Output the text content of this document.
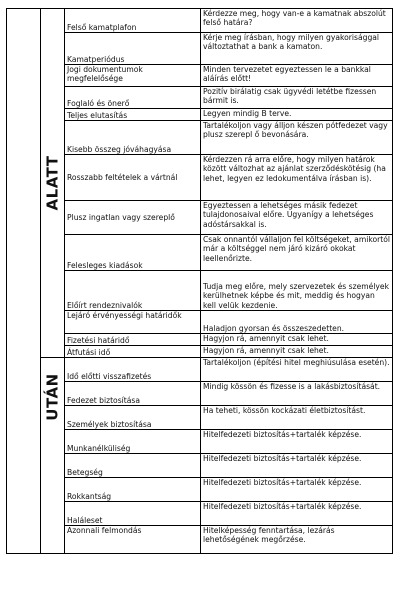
	ALATT	Felső kamatplafon	Kérdezze meg, hogy van-e a kamatnak abszolút felső határa?
		Kamatperiódus	Kérje meg írásban, hogy milyen gyakorisággal változtathat a bank a kamaton.
		Jogi dokumentumok megfelelősége	Minden tervezetet egyeztessen le a bankkal aláírás előtt!
		Foglaló és önerő	Pozitív birálatig csak ügyvédi letétbe fizessen bármit is.
		Teljes elutasítás	Legyen mindig B terve.
		Kisebb összeg jóváhagyása	Tartalékoljon vagy álljon készen pótfedezet vagy plusz szerepl ő bevonására.
		Rosszabb feltételek a vártnál	Kérdezzen rá arra előre, hogy milyen határok között változhat az ajánlat szerződéskötésig (ha lehet, legyen ez ledokumentálva írásban is).
		Plusz ingatlan vagy szereplő	Egyeztessen a lehetséges másik fedezet tulajdonosaival előre. Ugyanígy a lehetséges adóstársakkal is.
		Felesleges kiadások	Csak onnantól vállaljon fel költségeket, amikortól már a költséggel nem járó kizáró okokat leellenőrizte.
		Előírt rendeznivalók	Tudja meg előre, mely szervezetek és személyek kerülhetnek képbe és mit, meddig és hogyan kell velük kezdenie.
		Lejáró érvényességi határidők	Haladjon gyorsan és összeszedetten.
		Fizetési határidő	Hagyjon rá, amennyit csak lehet.
		Átfutási idő	Hagyjon rá, amennyit csak lehet.

	UTÁN	Idő előtti visszafizetés	Tartalékoljon (építési hitel meghiúsulása esetén).
		Fedezet biztosítása	Mindig kössön és fizesse is a lakásbiztosítását.
		Személyek biztosítása	Ha teheti, kössön kockázati életbiztosítást.
		Munkanélküliség	Hitelfedezeti biztosítás+tartalék képzése.
		Betegség	Hitelfedezeti biztosítás+tartalék képzése.
		Rokkantság	Hitelfedezeti biztosítás+tartalék képzése.
		Haláleset	Hitelfedezeti biztosítás+tartalék képzése.
		Azonnali felmondás	Hitelképesség fenntartása, lezárás lehetőségének megőrzése.
